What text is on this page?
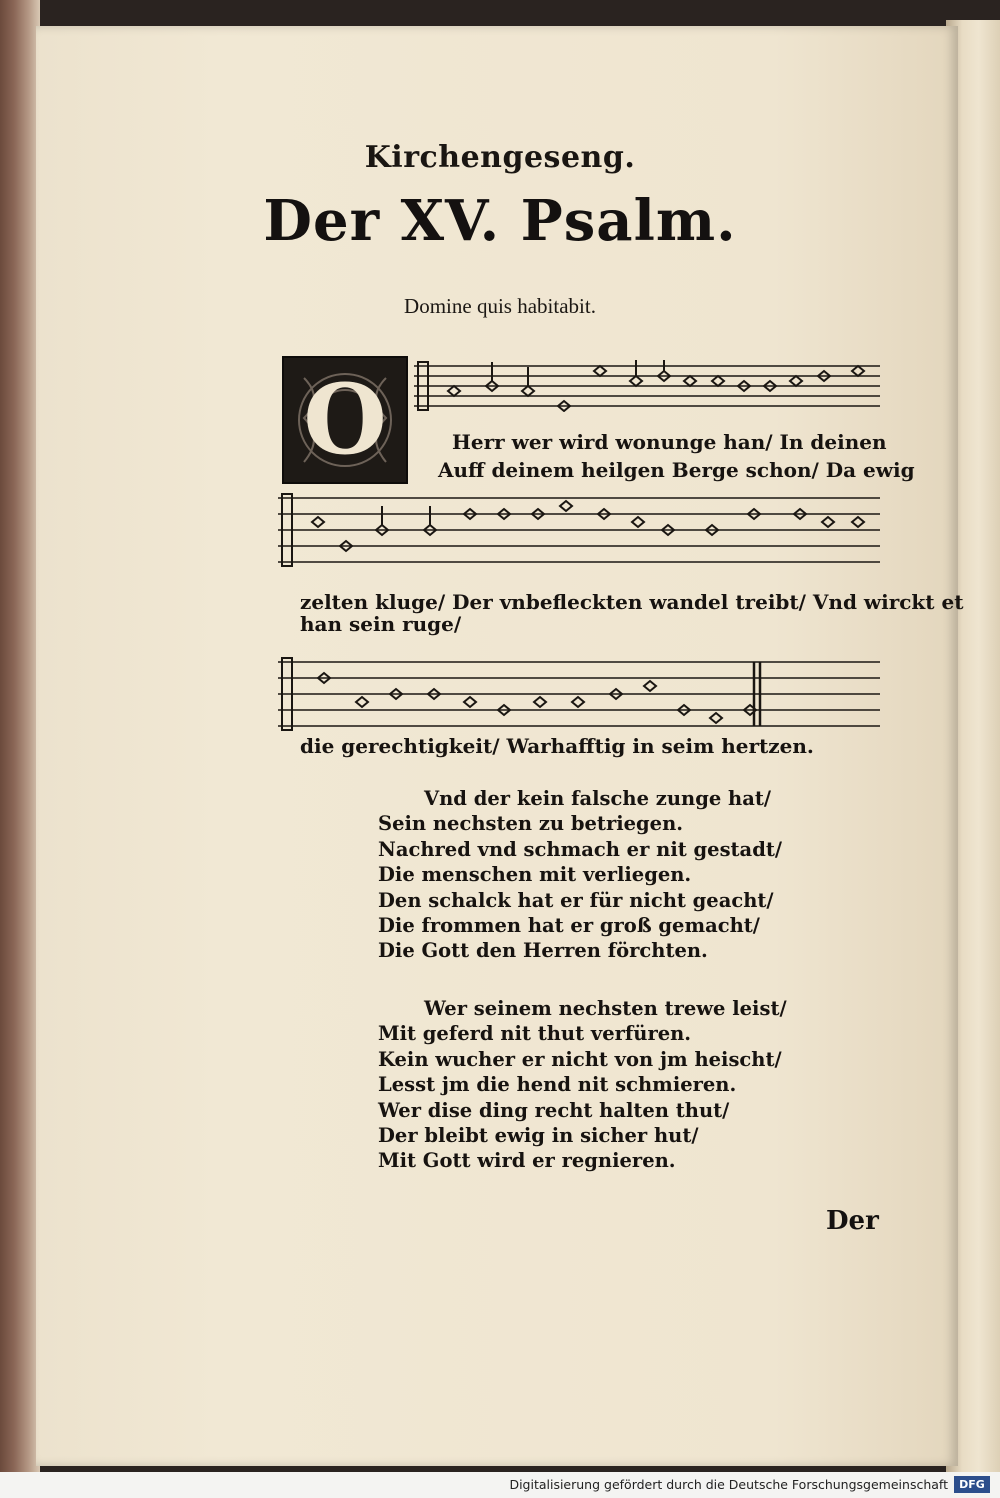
Kirchengeseng.
Der XV. Psalm.
Domine quis habitabit.
O	Herr wer wird wonunge han/ In deinen
Auff deinem heilgen Berge schon/ Da ewig
zelten kluge/ Der vnbefleckten wandel treibt/ Vnd wirckt et
han sein ruge/
die gerechtigkeit/ Warhafftig in seim hertzen.
Vnd der kein falsche zunge hat/
Sein nechsten zu betriegen.
Nachred vnd schmach er nit gestadt/
Die menschen mit verliegen.
Den schalck hat er für nicht geacht/
Die frommen hat er groß gemacht/
Die Gott den Herren förchten.
Wer seinem nechsten trewe leist/
Mit geferd nit thut verfüren.
Kein wucher er nicht von jm heischt/
Lesst jm die hend nit schmieren.
Wer dise ding recht halten thut/
Der bleibt ewig in sicher hut/
Mit Gott wird er regnieren.
Der
Digitalisierung gefördert durch die Deutsche Forschungsgemeinschaft	DFG
